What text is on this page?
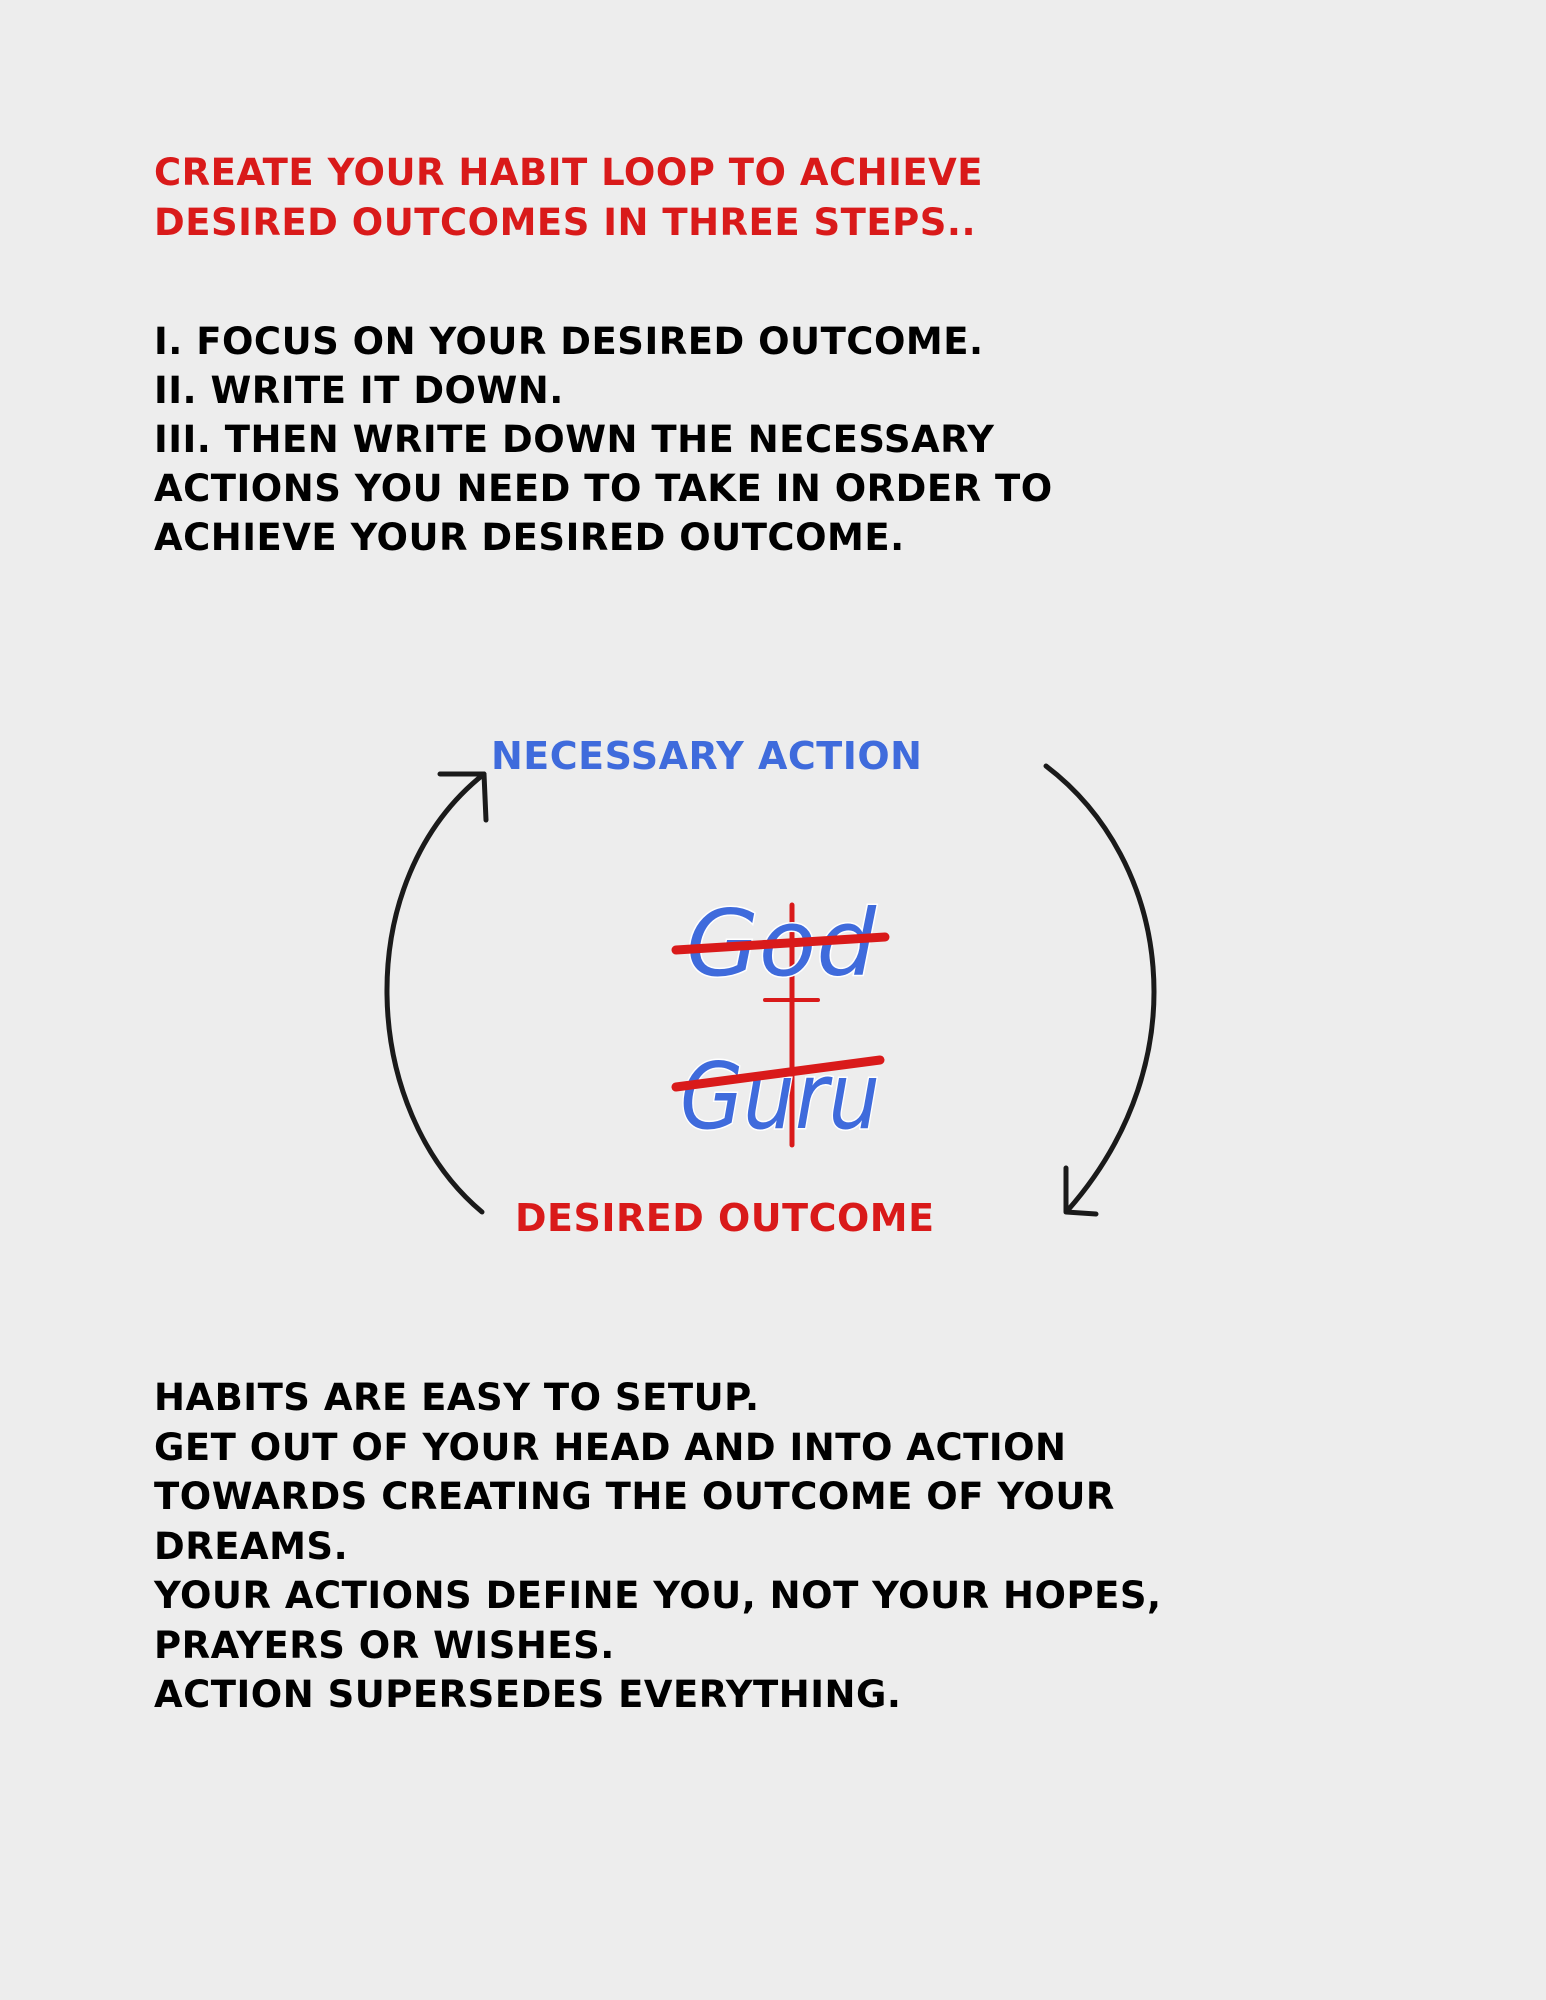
CREATE YOUR HABIT LOOP TO ACHIEVE
DESIRED OUTCOMES IN THREE STEPS..
I. FOCUS ON YOUR DESIRED OUTCOME.
II. WRITE IT DOWN.
III. THEN WRITE DOWN THE NECESSARY
ACTIONS YOU NEED TO TAKE IN ORDER TO
ACHIEVE YOUR DESIRED OUTCOME.
God
Guru
NECESSARY ACTION
DESIRED OUTCOME
HABITS ARE EASY TO SETUP.
GET OUT OF YOUR HEAD AND INTO ACTION
TOWARDS CREATING THE OUTCOME OF YOUR
DREAMS.
YOUR ACTIONS DEFINE YOU, NOT YOUR HOPES,
PRAYERS OR WISHES.
ACTION SUPERSEDES EVERYTHING.
